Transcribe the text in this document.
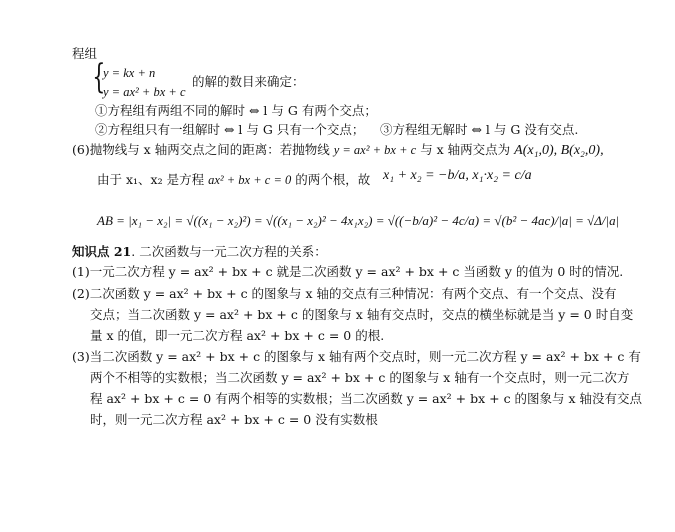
程组
{
y = kx + n
y = ax² + bx + c
的解的数目来确定：
①方程组有两组不同的解时 ⇔ l 与 G 有两个交点；
②方程组只有一组解时 ⇔ l 与 G 只有一个交点； ③方程组无解时 ⇔ l 与 G 没有交点.
(6)抛物线与 x 轴两交点之间的距离：若抛物线 y = ax² + bx + c 与 x 轴两交点为 A(x₁,0), B(x₂,0),
由于 x₁、x₂ 是方程 ax² + bx + c = 0 的两个根，故 x₁ + x₂ = −b/a, x₁·x₂ = c/a
AB = |x₁ − x₂| = √((x₁ − x₂)²) = √((x₁ − x₂)² − 4x₁x₂) = √((−b/a)² − 4c/a) = √(b² − 4ac)/|a| = √Δ/|a|
知识点 21. 二次函数与一元二次方程的关系：
(1)一元二次方程 y = ax² + bx + c 就是二次函数 y = ax² + bx + c 当函数 y 的值为 0 时的情况.
(2)二次函数 y = ax² + bx + c 的图象与 x 轴的交点有三种情况：有两个交点、有一个交点、没有
交点；当二次函数 y = ax² + bx + c 的图象与 x 轴有交点时，交点的横坐标就是当 y = 0 时自变
量 x 的值，即一元二次方程 ax² + bx + c = 0 的根.
(3)当二次函数 y = ax² + bx + c 的图象与 x 轴有两个交点时，则一元二次方程 y = ax² + bx + c 有
两个不相等的实数根；当二次函数 y = ax² + bx + c 的图象与 x 轴有一个交点时，则一元二次方
程 ax² + bx + c = 0 有两个相等的实数根；当二次函数 y = ax² + bx + c 的图象与 x 轴没有交点
时，则一元二次方程 ax² + bx + c = 0 没有实数根
